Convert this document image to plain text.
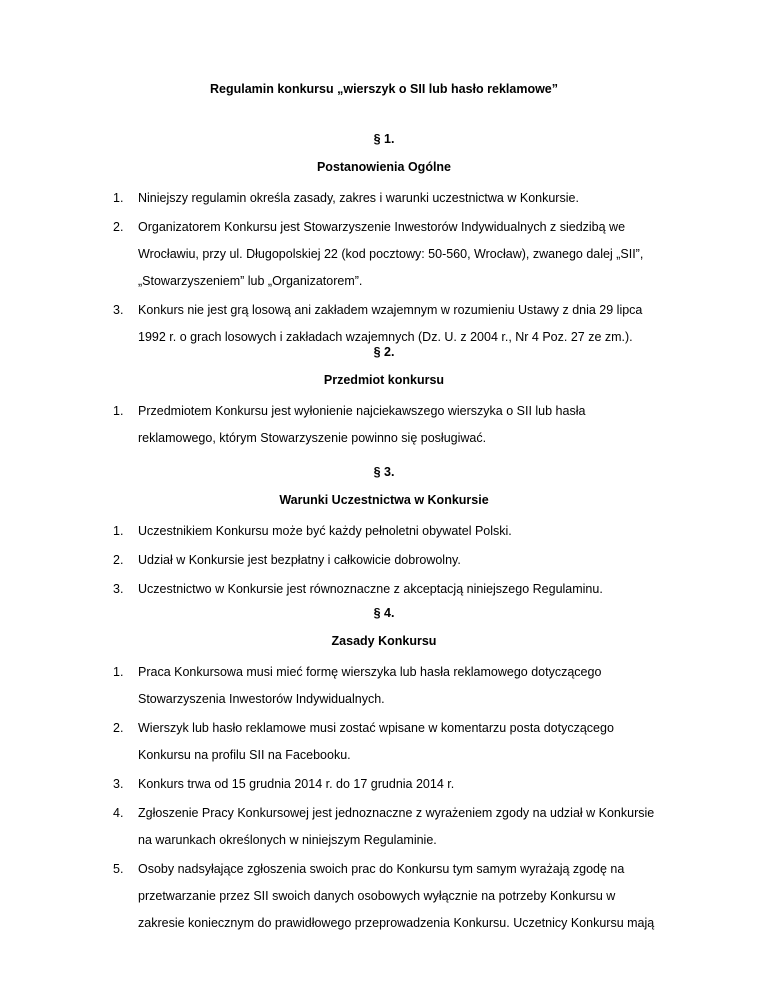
Regulamin konkursu „wierszyk o SII lub hasło reklamowe”
§ 1.
Postanowienia Ogólne
1. Niniejszy regulamin określa zasady, zakres i warunki uczestnictwa w Konkursie.
2. Organizatorem Konkursu jest Stowarzyszenie Inwestorów Indywidualnych z siedzibą we Wrocławiu, przy ul. Długopolskiej 22 (kod pocztowy: 50-560, Wrocław), zwanego dalej „SII”, „Stowarzyszeniem” lub „Organizatorem”.
3. Konkurs nie jest grą losową ani zakładem wzajemnym w rozumieniu Ustawy z dnia 29 lipca 1992 r. o grach losowych i zakładach wzajemnych (Dz. U. z 2004 r., Nr 4 Poz. 27 ze zm.).
§ 2.
Przedmiot konkursu
1. Przedmiotem Konkursu jest wyłonienie najciekawszego wierszyka o SII lub hasła reklamowego, którym Stowarzyszenie powinno się posługiwać.
§ 3.
Warunki Uczestnictwa w Konkursie
1. Uczestnikiem Konkursu może być każdy pełnoletni obywatel Polski.
2. Udział w Konkursie jest bezpłatny i całkowicie dobrowolny.
3. Uczestnictwo w Konkursie jest równoznaczne z akceptacją niniejszego Regulaminu.
§ 4.
Zasady Konkursu
1. Praca Konkursowa musi mieć formę wierszyka lub hasła reklamowego dotyczącego Stowarzyszenia Inwestorów Indywidualnych.
2. Wierszyk lub hasło reklamowe musi zostać wpisane w komentarzu posta dotyczącego Konkursu na profilu SII na Facebooku.
3. Konkurs trwa od 15 grudnia 2014 r. do 17 grudnia 2014 r.
4. Zgłoszenie Pracy Konkursowej jest jednoznaczne z wyrażeniem zgody na udział w Konkursie na warunkach określonych w niniejszym Regulaminie.
5. Osoby nadsyłające zgłoszenia swoich prac do Konkursu tym samym wyrażają zgodę na przetwarzanie przez SII swoich danych osobowych wyłącznie na potrzeby Konkursu w zakresie koniecznym do prawidłowego przeprowadzenia Konkursu. Uczetnicy Konkursu mają
